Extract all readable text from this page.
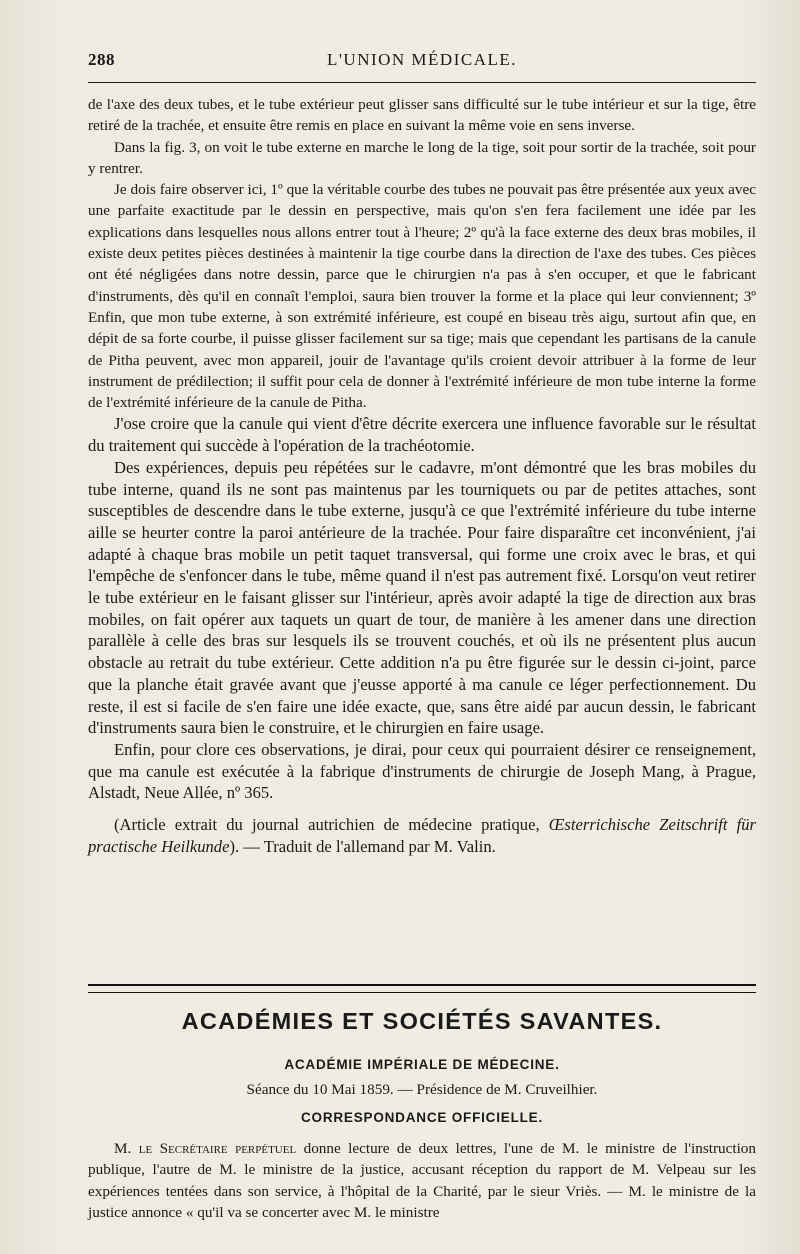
288	L'UNION MÉDICALE.

de l'axe des deux tubes, et le tube extérieur peut glisser sans difficulté sur le tube intérieur et sur la tige, être retiré de la trachée, et ensuite être remis en place en suivant la même voie en sens inverse.

Dans la fig. 3, on voit le tube externe en marche le long de la tige, soit pour sortir de la trachée, soit pour y rentrer.

Je dois faire observer ici, 1º que la véritable courbe des tubes ne pouvait pas être présentée aux yeux avec une parfaite exactitude par le dessin en perspective, mais qu'on s'en fera facilement une idée par les explications dans lesquelles nous allons entrer tout à l'heure; 2º qu'à la face externe des deux bras mobiles, il existe deux petites pièces destinées à maintenir la tige courbe dans la direction de l'axe des tubes. Ces pièces ont été négligées dans notre dessin, parce que le chirurgien n'a pas à s'en occuper, et que le fabricant d'instruments, dès qu'il en connaît l'emploi, saura bien trouver la forme et la place qui leur conviennent; 3º Enfin, que mon tube externe, à son extrémité inférieure, est coupé en biseau très aigu, surtout afin que, en dépit de sa forte courbe, il puisse glisser facilement sur sa tige; mais que cependant les partisans de la canule de Pitha peuvent, avec mon appareil, jouir de l'avantage qu'ils croient devoir attribuer à la forme de leur instrument de prédilection; il suffit pour cela de donner à l'extrémité inférieure de mon tube interne la forme de l'extrémité inférieure de la canule de Pitha.

J'ose croire que la canule qui vient d'être décrite exercera une influence favorable sur le résultat du traitement qui succède à l'opération de la trachéotomie.

Des expériences, depuis peu répétées sur le cadavre, m'ont démontré que les bras mobiles du tube interne, quand ils ne sont pas maintenus par les tourniquets ou par de petites attaches, sont susceptibles de descendre dans le tube externe, jusqu'à ce que l'extrémité inférieure du tube interne aille se heurter contre la paroi antérieure de la trachée. Pour faire disparaître cet inconvénient, j'ai adapté à chaque bras mobile un petit taquet transversal, qui forme une croix avec le bras, et qui l'empêche de s'enfoncer dans le tube, même quand il n'est pas autrement fixé. Lorsqu'on veut retirer le tube extérieur en le faisant glisser sur l'intérieur, après avoir adapté la tige de direction aux bras mobiles, on fait opérer aux taquets un quart de tour, de manière à les amener dans une direction parallèle à celle des bras sur lesquels ils se trouvent couchés, et où ils ne présentent plus aucun obstacle au retrait du tube extérieur. Cette addition n'a pu être figurée sur le dessin ci-joint, parce que la planche était gravée avant que j'eusse apporté à ma canule ce léger perfectionnement. Du reste, il est si facile de s'en faire une idée exacte, que, sans être aidé par aucun dessin, le fabricant d'instruments saura bien le construire, et le chirurgien en faire usage.

Enfin, pour clore ces observations, je dirai, pour ceux qui pourraient désirer ce renseignement, que ma canule est exécutée à la fabrique d'instruments de chirurgie de Joseph Mang, à Prague, Alstadt, Neue Allée, nº 365.

(Article extrait du journal autrichien de médecine pratique, Œsterrichische Zeitschrift für practische Heilkunde). — Traduit de l'allemand par M. Valin.

ACADÉMIES ET SOCIÉTÉS SAVANTES.
ACADÉMIE IMPÉRIALE DE MÉDECINE.
Séance du 10 Mai 1859. — Présidence de M. Cruveilhier.
CORRESPONDANCE OFFICIELLE.

M. le Secrétaire perpétuel donne lecture de deux lettres, l'une de M. le ministre de l'instruction publique, l'autre de M. le ministre de la justice, accusant réception du rapport de M. Velpeau sur les expériences tentées dans son service, à l'hôpital de la Charité, par le sieur Vriès. — M. le ministre de la justice annonce « qu'il va se concerter avec M. le ministre
